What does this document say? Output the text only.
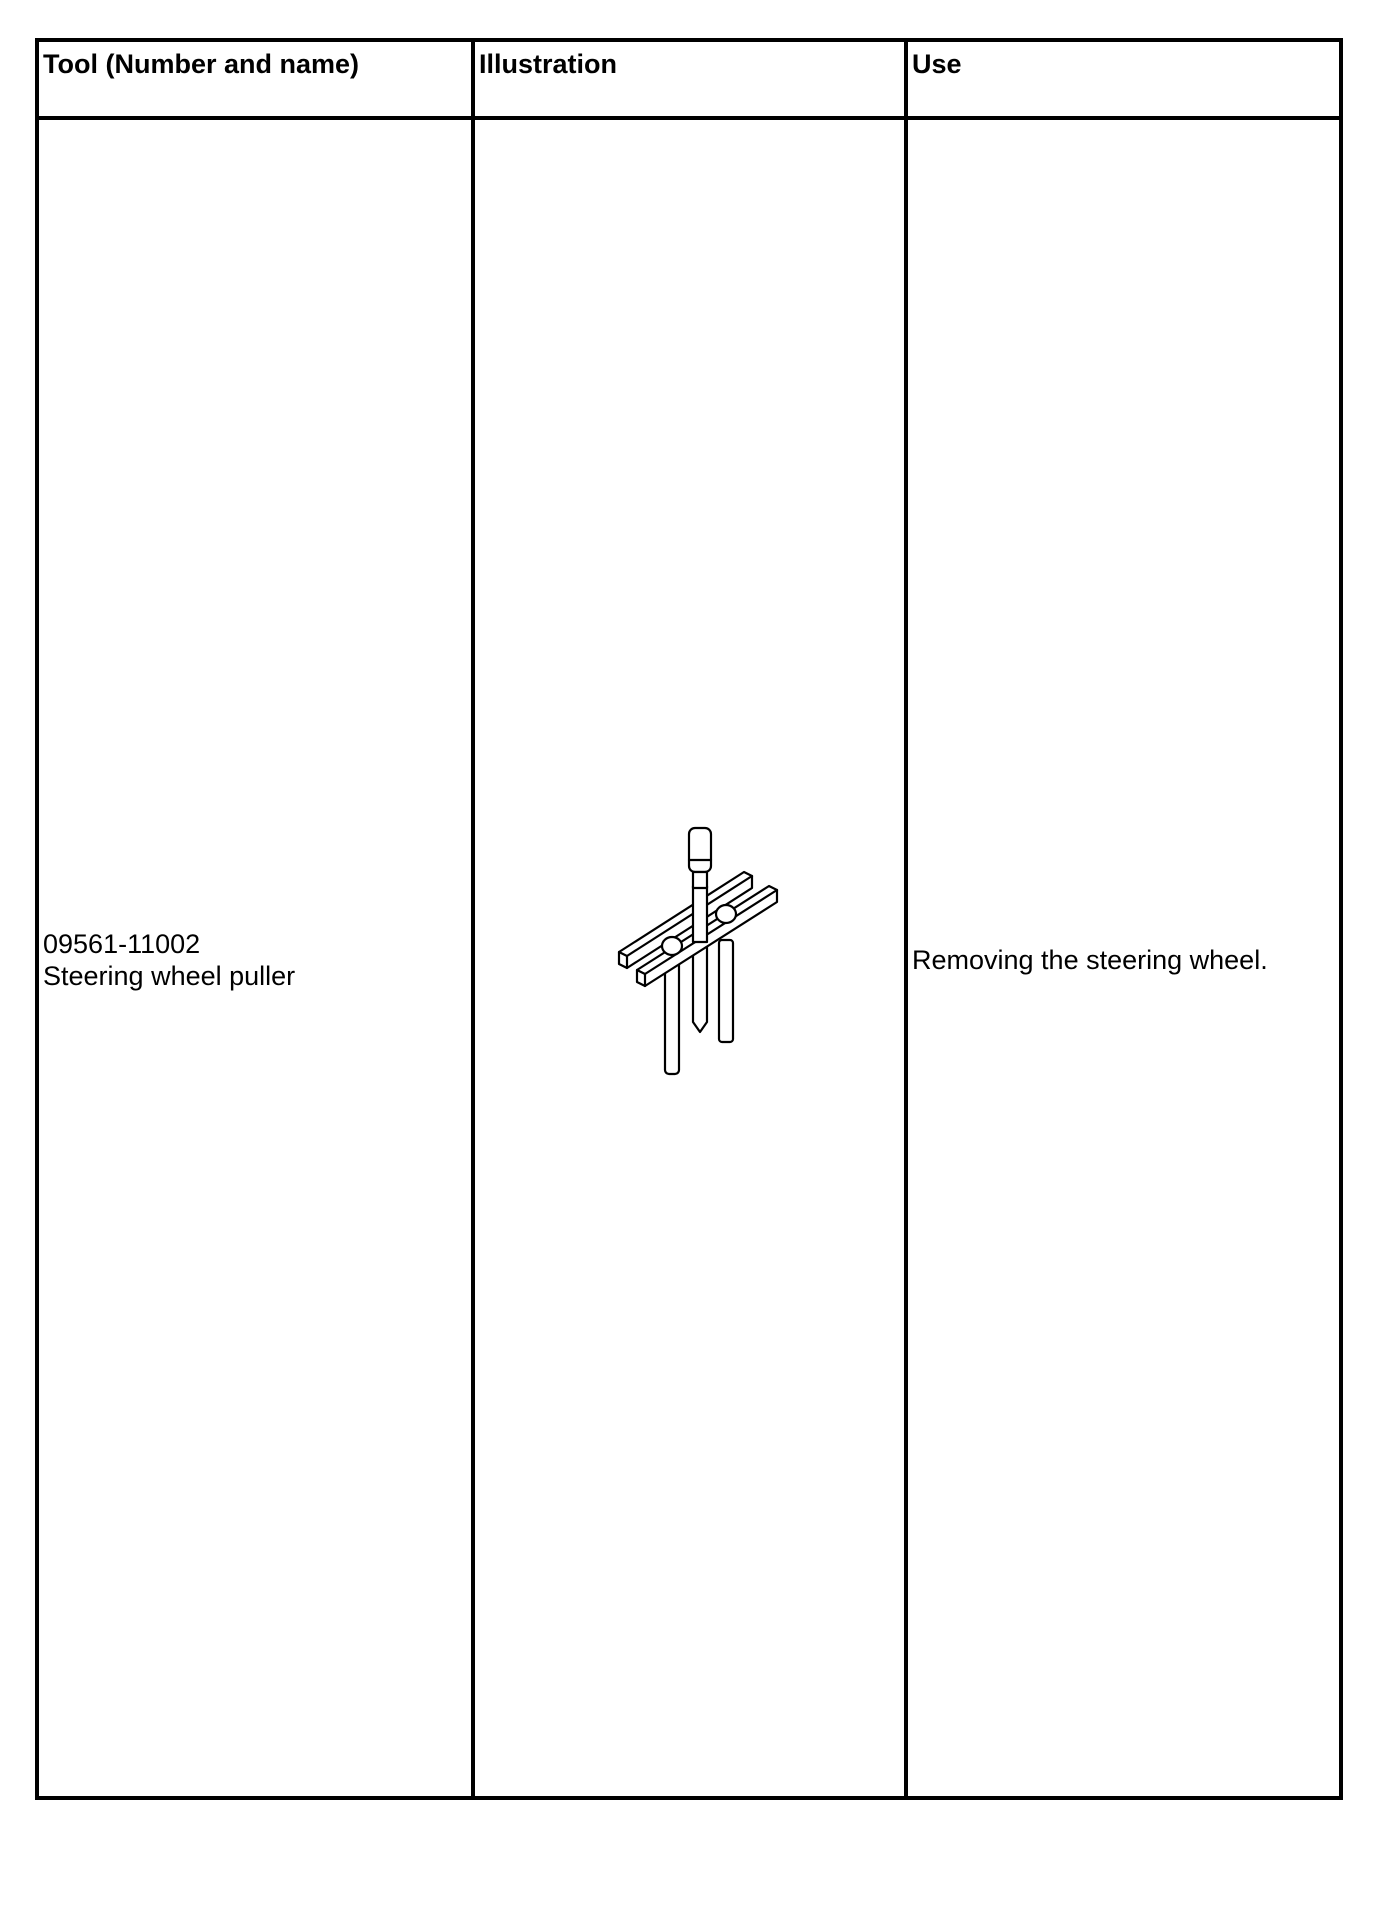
Tool (Number and name)	Illustration	Use
09561-11002
Steering wheel puller
Removing the steering wheel.
